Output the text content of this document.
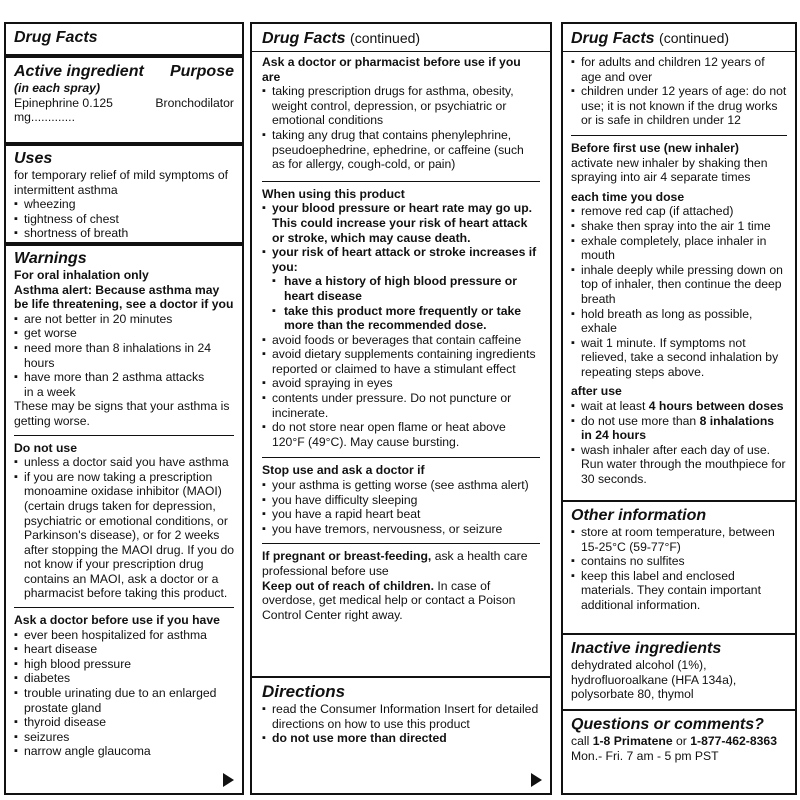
Drug Facts
Active ingredient Purpose
(in each spray)
Epinephrine 0.125 mg.............
Bronchodilator
Uses

for temporary relief of mild symptoms of intermittent asthma

▪ wheezing
▪ tightness of chest
▪ shortness of breath
Warnings
For oral inhalation only
Asthma alert: Because asthma may be life threatening, see a doctor if you
▪ are not better in 20 minutes
▪ get worse
▪ need more than 8 inhalations in 24 hours
▪ have more than 2 asthma attacks in a week

These may be signs that your asthma is getting worse.

Do not use
▪ unless a doctor said you have asthma
▪ if you are now taking a prescription monoamine oxidase inhibitor (MAOI) (certain drugs taken for depression, psychiatric or emotional conditions, or Parkinson's disease), or for 2 weeks after stopping the MAOI drug. If you do not know if your prescription drug contains an MAOI, ask a doctor or a pharmacist before taking this product.
Ask a doctor before use if you have
▪ ever been hospitalized for asthma
▪ heart disease
▪ high blood pressure
▪ diabetes
▪ trouble urinating due to an enlarged prostate gland
▪ thyroid disease
▪ seizures
▪ narrow angle glaucoma
Drug Facts (continued)
Ask a doctor or pharmacist before use if you are
▪ taking prescription drugs for asthma, obesity, weight control, depression, or psychiatric or emotional conditions
▪ taking any drug that contains phenylephrine, pseudoephedrine, ephedrine, or caffeine (such as for allergy, cough-cold, or pain)
When using this product
▪ your blood pressure or heart rate may go up. This could increase your risk of heart attack or stroke, which may cause death.
▪ your risk of heart attack or stroke increases if you:
▪ have a history of high blood pressure or heart disease
▪ take this product more frequently or take more than the recommended dose.
▪ avoid foods or beverages that contain caffeine
▪ avoid dietary supplements containing ingredients reported or claimed to have a stimulant effect
▪ avoid spraying in eyes
▪ contents under pressure. Do not puncture or incinerate.
▪ do not store near open flame or heat above 120°F (49°C). May cause bursting.
Stop use and ask a doctor if
▪ your asthma is getting worse (see asthma alert)
▪ you have difficulty sleeping
▪ you have a rapid heart beat
▪ you have tremors, nervousness, or seizure

If pregnant or breast-feeding, ask a health care professional before use

Keep out of reach of children. In case of overdose, get medical help or contact a Poison Control Center right away.

Directions
▪ read the Consumer Information Insert for detailed directions on how to use this product
▪ do not use more than directed
Drug Facts (continued)
▪ for adults and children 12 years of age and over
▪ children under 12 years of age: do not use; it is not known if the drug works or is safe in children under 12
Before first use (new inhaler)

activate new inhaler by shaking then spraying into air 4 separate times

each time you dose
▪ remove red cap (if attached)
▪ shake then spray into the air 1 time
▪ exhale completely, place inhaler in mouth
▪ inhale deeply while pressing down on top of inhaler, then continue the deep breath
▪ hold breath as long as possible, exhale
▪ wait 1 minute. If symptoms not relieved, take a second inhalation by repeating steps above.
after use
▪ wait at least 4 hours between doses
▪ do not use more than 8 inhalations in 24 hours
▪ wash inhaler after each day of use. Run water through the mouthpiece for 30 seconds.
Other information
▪ store at room temperature, between 15-25°C (59-77°F)
▪ contains no sulfites
▪ keep this label and enclosed materials. They contain important additional information.
Inactive ingredients

dehydrated alcohol (1%), hydrofluoroalkane (HFA 134a), polysorbate 80, thymol

Questions or comments?

call 1-8 Primatene or 1-877-462-8363

Mon.- Fri. 7 am - 5 pm PST
